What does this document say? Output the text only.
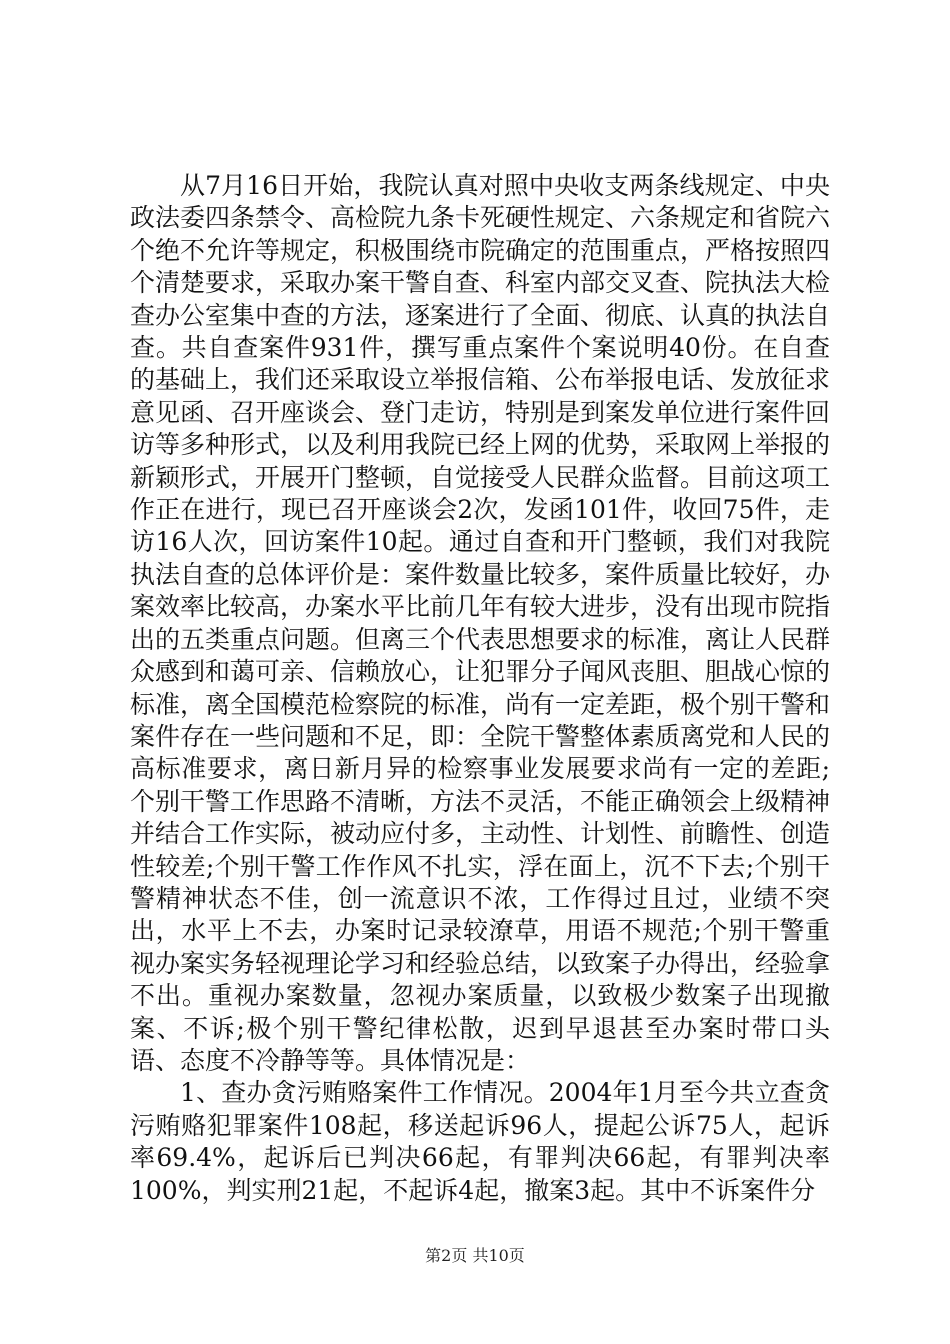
从7月16日开始，我院认真对照中央收支两条线规定、中央政法委四条禁令、高检院九条卡死硬性规定、六条规定和省院六个绝不允许等规定，积极围绕市院确定的范围重点，严格按照四个清楚要求，采取办案干警自查、科室内部交叉查、院执法大检查办公室集中查的方法，逐案进行了全面、彻底、认真的执法自查。共自查案件931件，撰写重点案件个案说明40份。在自查的基础上，我们还采取设立举报信箱、公布举报电话、发放征求意见函、召开座谈会、登门走访，特别是到案发单位进行案件回访等多种形式，以及利用我院已经上网的优势，采取网上举报的新颖形式，开展开门整顿，自觉接受人民群众监督。目前这项工作正在进行，现已召开座谈会2次，发函101件，收回75件，走访16人次，回访案件10起。通过自查和开门整顿，我们对我院执法自查的总体评价是：案件数量比较多，案件质量比较好，办案效率比较高，办案水平比前几年有较大进步，没有出现市院指出的五类重点问题。但离三个代表思想要求的标准，离让人民群众感到和蔼可亲、信赖放心，让犯罪分子闻风丧胆、胆战心惊的标准，离全国模范检察院的标准，尚有一定差距，极个别干警和案件存在一些问题和不足，即：全院干警整体素质离党和人民的高标准要求，离日新月异的检察事业发展要求尚有一定的差距;个别干警工作思路不清晰，方法不灵活，不能正确领会上级精神并结合工作实际，被动应付多，主动性、计划性、前瞻性、创造性较差;个别干警工作作风不扎实，浮在面上，沉不下去;个别干警精神状态不佳，创一流意识不浓，工作得过且过，业绩不突出，水平上不去，办案时记录较潦草，用语不规范;个别干警重视办案实务轻视理论学习和经验总结，以致案子办得出，经验拿不出。重视办案数量，忽视办案质量，以致极少数案子出现撤案、不诉;极个别干警纪律松散，迟到早退甚至办案时带口头语、态度不冷静等等。具体情况是：

1、查办贪污贿赂案件工作情况。2004年1月至今共立查贪污贿赂犯罪案件108起，移送起诉96人，提起公诉75人，起诉率69.4%，起诉后已判决66起，有罪判决66起，有罪判决率100%，判实刑21起，不起诉4起，撤案3起。其中不诉案件分

第2页 共10页
